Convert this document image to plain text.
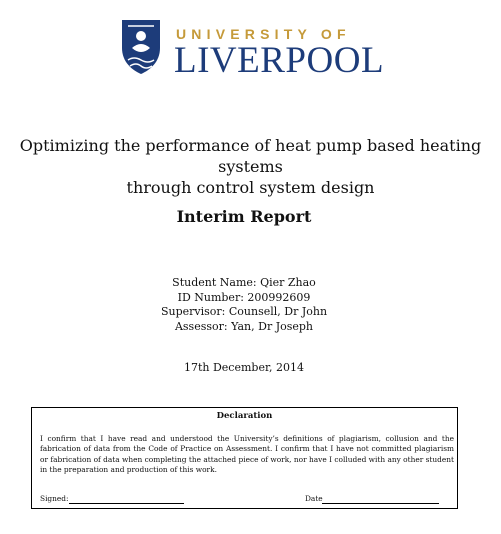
UNIVERSITY OF
LIVERPOOL
Optimizing the performance of heat pump based heating systems
through control system design
Interim Report
Student Name: Qier Zhao
ID Number: 200992609
Supervisor: Counsell, Dr John
Assessor: Yan, Dr Joseph
17th December, 2014
Declaration
I confirm that I have read and understood the University’s definitions of plagiarism, collusion and the fabrication of data from the Code of Practice on Assessment. I confirm that I have not committed plagiarism or fabrication of data when completing the attached piece of work, nor have I colluded with any other student in the preparation and production of this work.
Signed:	Date
